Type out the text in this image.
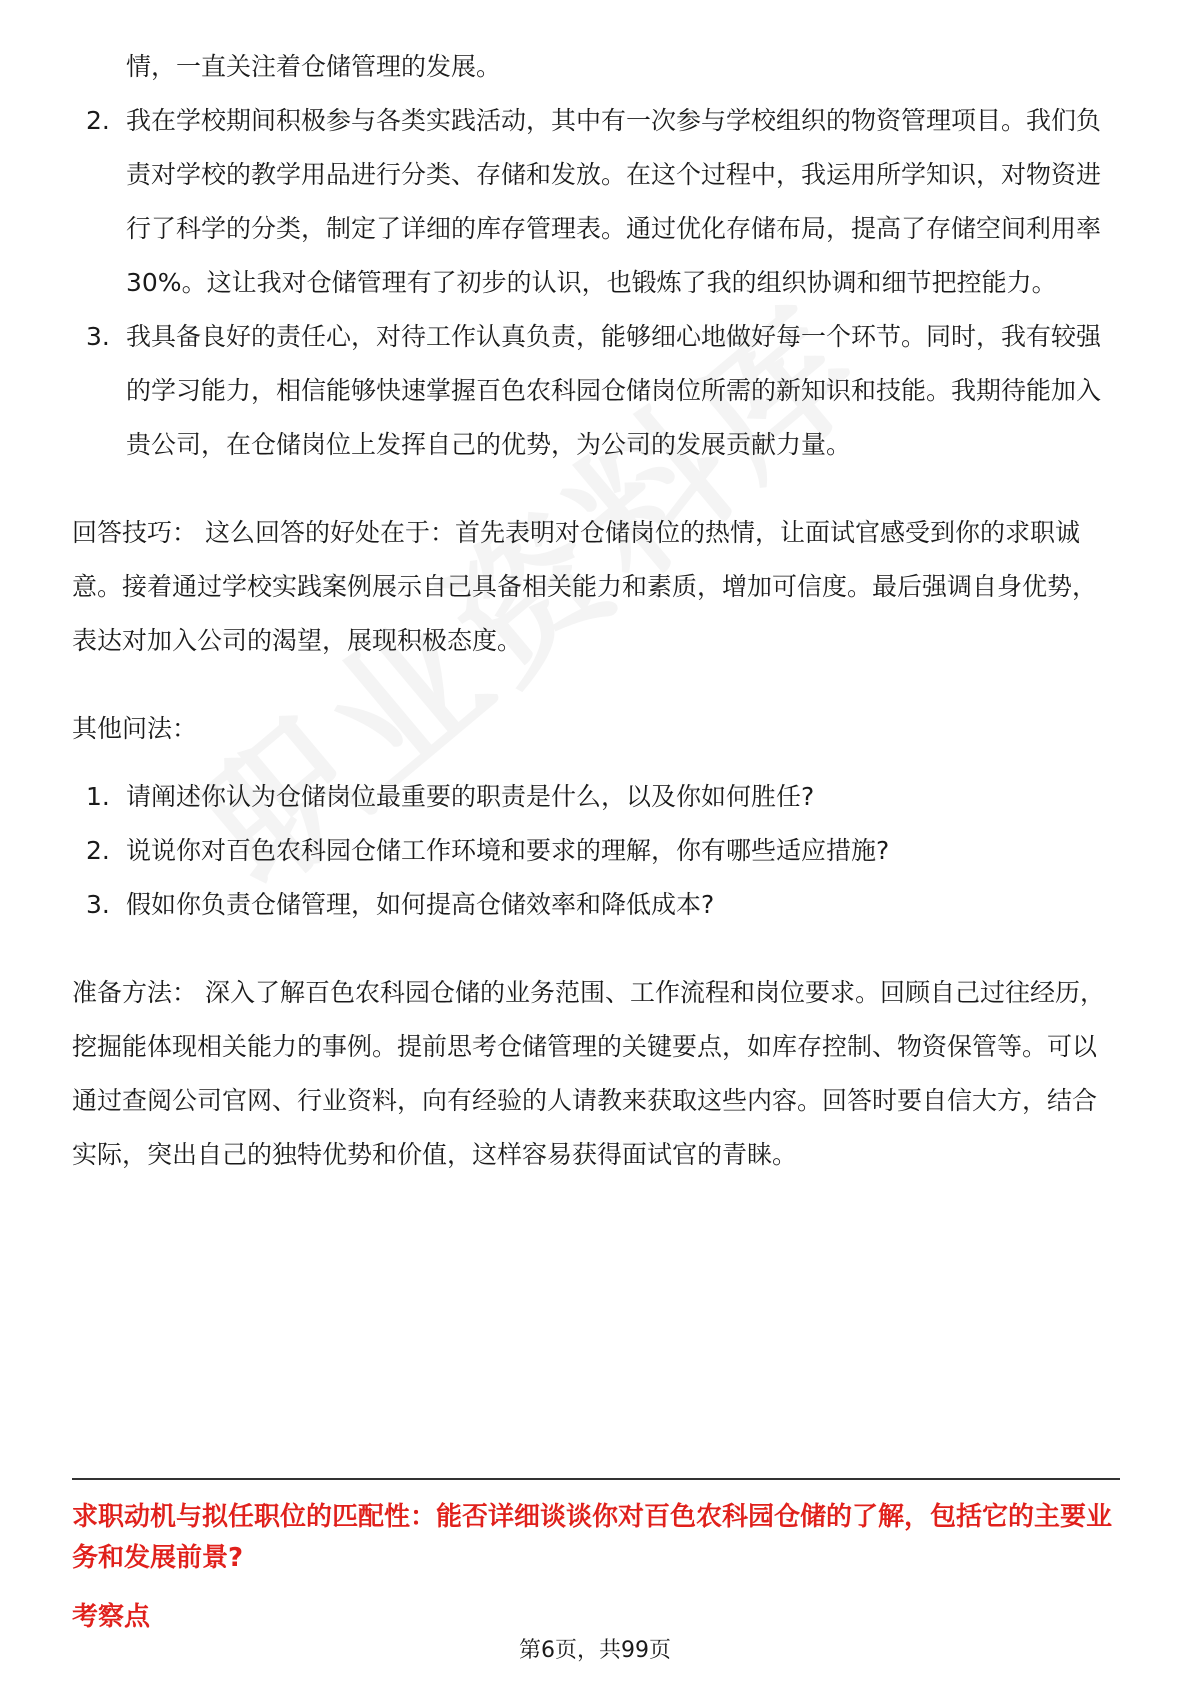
情，一直关注着仓储管理的发展。
2. 我在学校期间积极参与各类实践活动，其中有一次参与学校组织的物资管理项目。我们负责对学校的教学用品进行分类、存储和发放。在这个过程中，我运用所学知识，对物资进行了科学的分类，制定了详细的库存管理表。通过优化存储布局，提高了存储空间利用率30%。这让我对仓储管理有了初步的认识，也锻炼了我的组织协调和细节把控能力。
3. 我具备良好的责任心，对待工作认真负责，能够细心地做好每一个环节。同时，我有较强的学习能力，相信能够快速掌握百色农科园仓储岗位所需的新知识和技能。我期待能加入贵公司，在仓储岗位上发挥自己的优势，为公司的发展贡献力量。

回答技巧： 这么回答的好处在于：首先表明对仓储岗位的热情，让面试官感受到你的求职诚意。接着通过学校实践案例展示自己具备相关能力和素质，增加可信度。最后强调自身优势，表达对加入公司的渴望，展现积极态度。

其他问法：

1. 请阐述你认为仓储岗位最重要的职责是什么，以及你如何胜任?
2. 说说你对百色农科园仓储工作环境和要求的理解，你有哪些适应措施?
3. 假如你负责仓储管理，如何提高仓储效率和降低成本?

准备方法： 深入了解百色农科园仓储的业务范围、工作流程和岗位要求。回顾自己过往经历，挖掘能体现相关能力的事例。提前思考仓储管理的关键要点，如库存控制、物资保管等。可以通过查阅公司官网、行业资料，向有经验的人请教来获取这些内容。回答时要自信大方，结合实际，突出自己的独特优势和价值，这样容易获得面试官的青睐。

求职动机与拟任职位的匹配性：能否详细谈谈你对百色农科园仓储的了解，包括它的主要业务和发展前景?
考察点
第6页，共99页
